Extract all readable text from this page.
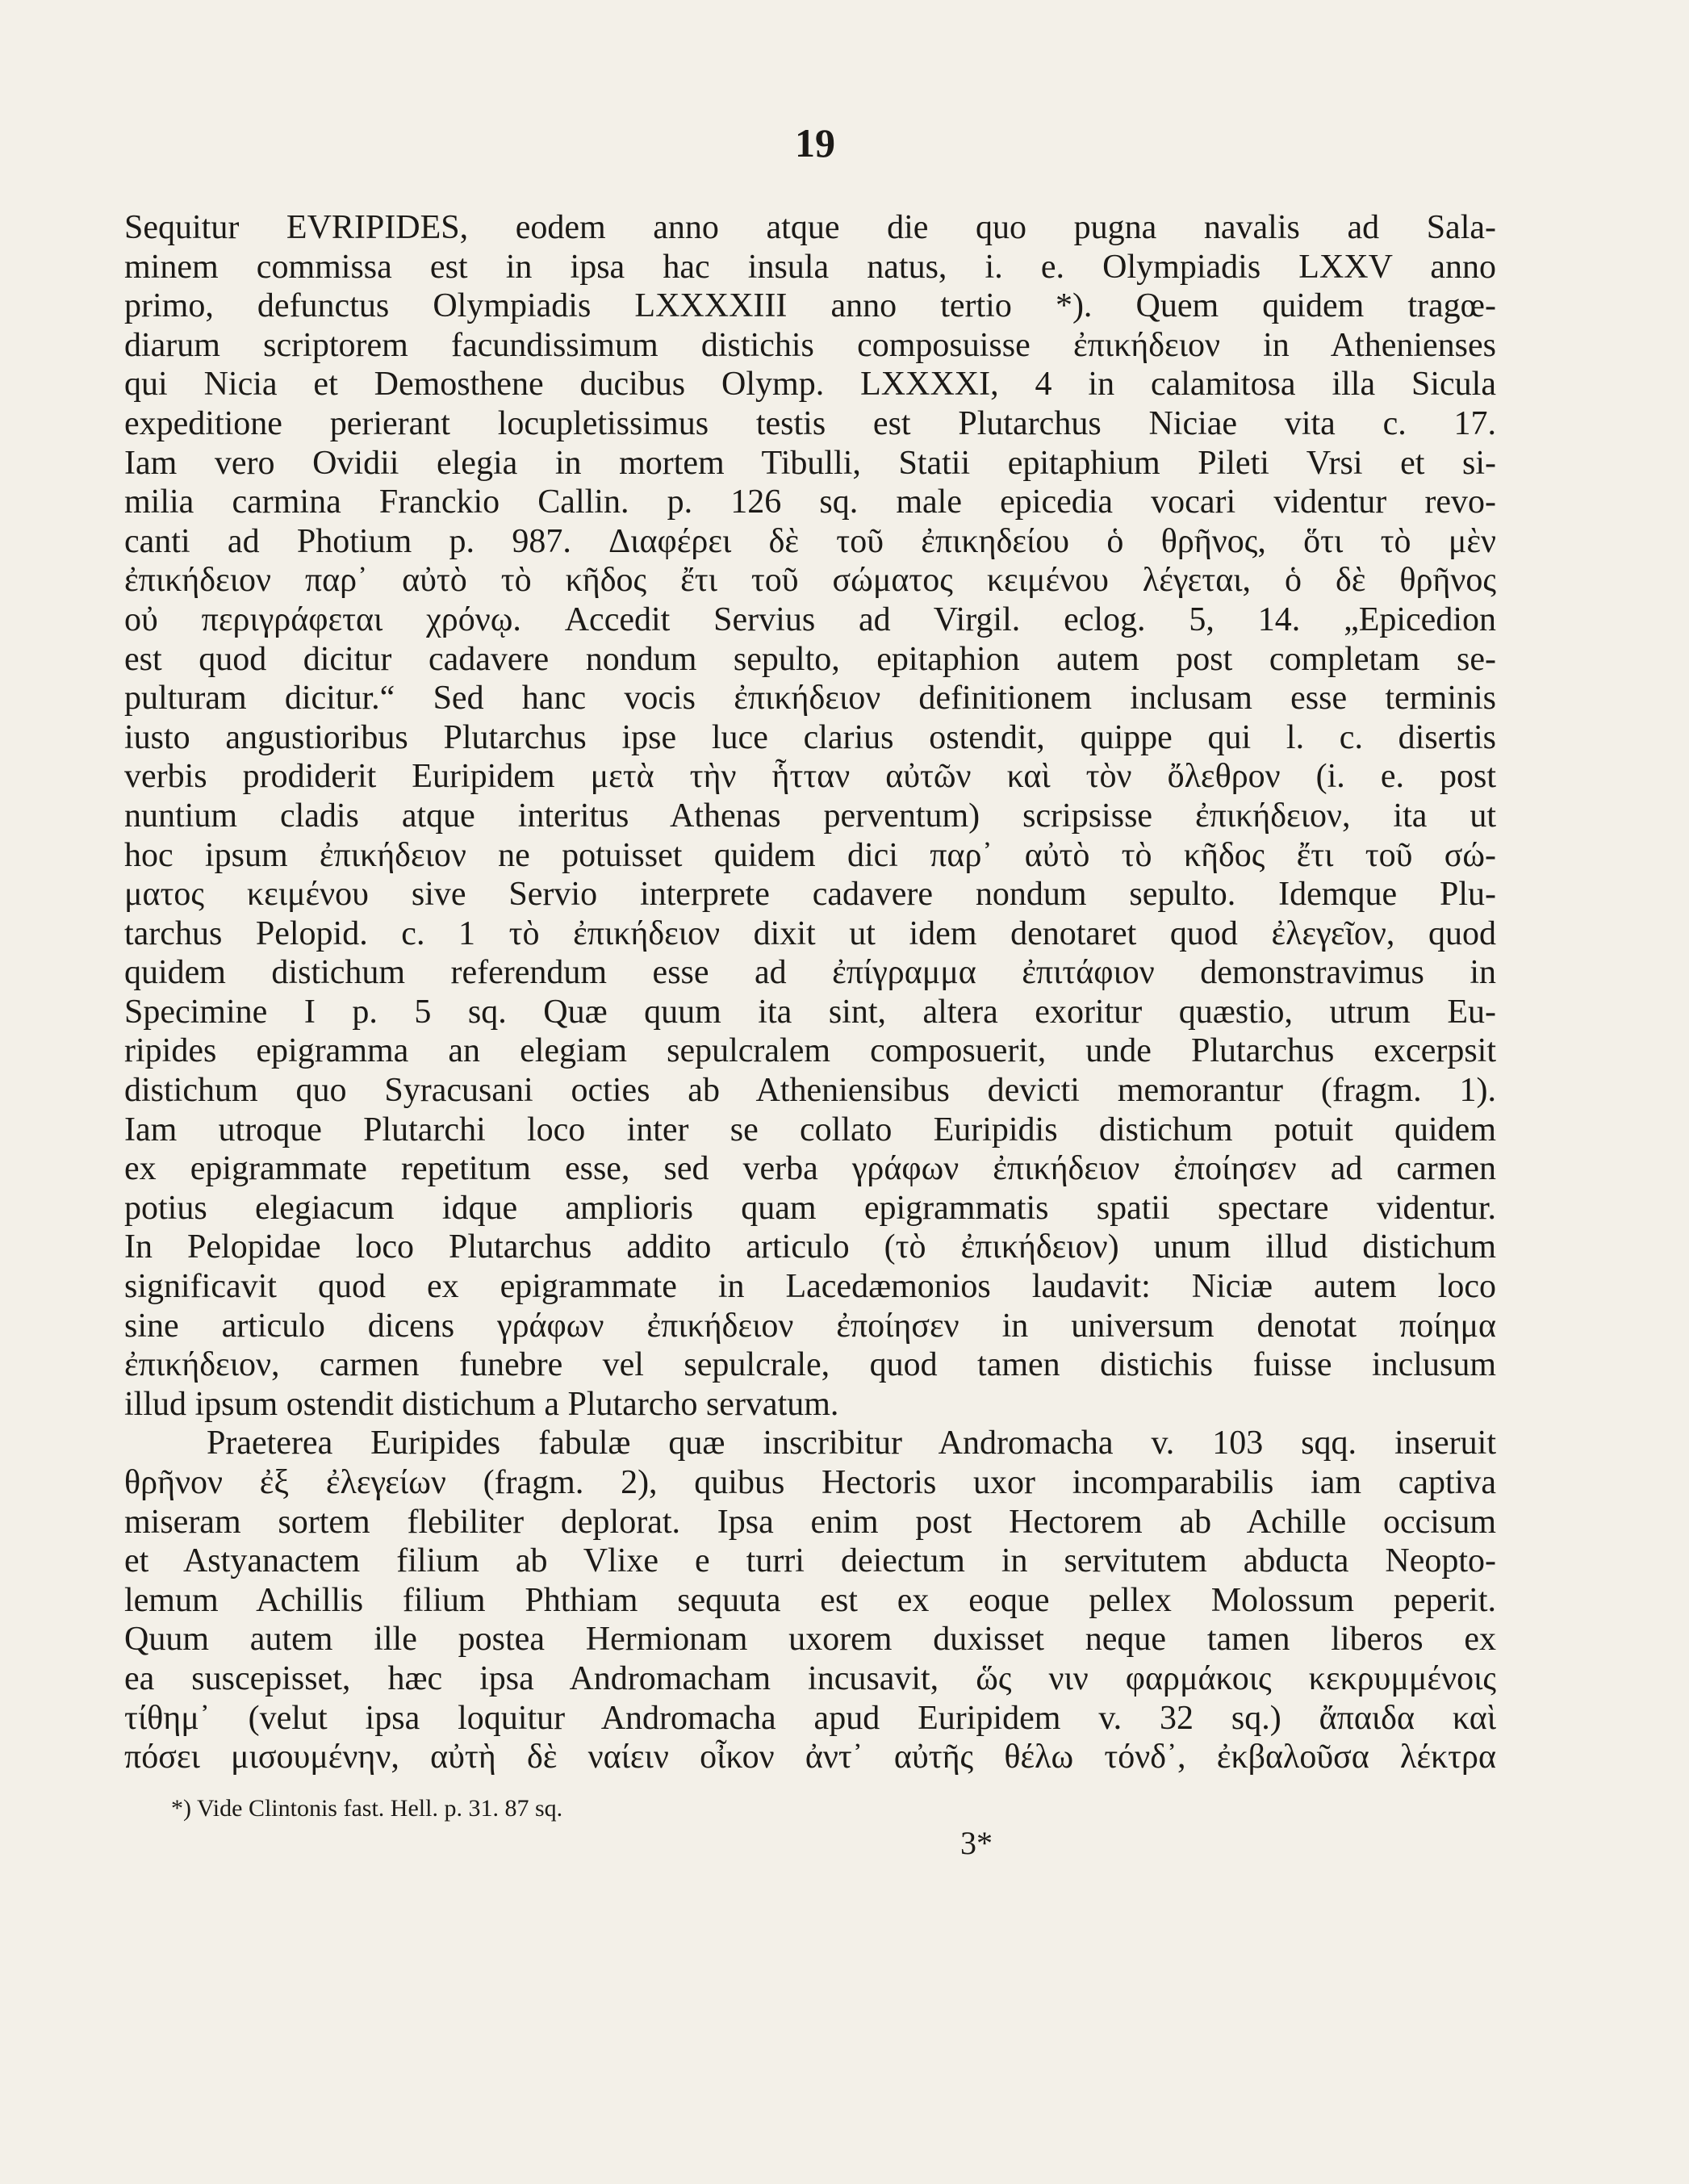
19
Sequitur EVRIPIDES, eodem anno atque die quo pugna navalis ad Sala-
minem commissa est in ipsa hac insula natus, i. e. Olympiadis LXXV anno
primo, defunctus Olympiadis LXXXXIII anno tertio *). Quem quidem tragœ-
diarum scriptorem facundissimum distichis composuisse ἐπικήδειον in Athenienses
qui Nicia et Demosthene ducibus Olymp. LXXXXI, 4 in calamitosa illa Sicula
expeditione perierant locupletissimus testis est Plutarchus Niciae vita c. 17.
Iam vero Ovidii elegia in mortem Tibulli, Statii epitaphium Pileti Vrsi et si-
milia carmina Franckio Callin. p. 126 sq. male epicedia vocari videntur revo-
canti ad Photium p. 987. Διαφέρει δὲ τοῦ ἐπικηδείου ὁ θρῆνος, ὅτι τὸ μὲν
ἐπικήδειον παρ᾽ αὐτὸ τὸ κῆδος ἔτι τοῦ σώματος κειμένου λέγεται, ὁ δὲ θρῆνος
οὐ περιγράφεται χρόνῳ. Accedit Servius ad Virgil. eclog. 5, 14. „Epicedion
est quod dicitur cadavere nondum sepulto, epitaphion autem post completam se-
pulturam dicitur.“ Sed hanc vocis ἐπικήδειον definitionem inclusam esse terminis
iusto angustioribus Plutarchus ipse luce clarius ostendit, quippe qui l. c. disertis
verbis prodiderit Euripidem μετὰ τὴν ἧτταν αὐτῶν καὶ τὸν ὄλεθρον (i. e. post
nuntium cladis atque interitus Athenas perventum) scripsisse ἐπικήδειον, ita ut
hoc ipsum ἐπικήδειον ne potuisset quidem dici παρ᾽ αὐτὸ τὸ κῆδος ἔτι τοῦ σώ-
ματος κειμένου sive Servio interprete cadavere nondum sepulto. Idemque Plu-
tarchus Pelopid. c. 1 τὸ ἐπικήδειον dixit ut idem denotaret quod ἐλεγεῖον, quod
quidem distichum referendum esse ad ἐπίγραμμα ἐπιτάφιον demonstravimus in
Specimine I p. 5 sq. Quæ quum ita sint, altera exoritur quæstio, utrum Eu-
ripides epigramma an elegiam sepulcralem composuerit, unde Plutarchus excerpsit
distichum quo Syracusani octies ab Atheniensibus devicti memorantur (fragm. 1).
Iam utroque Plutarchi loco inter se collato Euripidis distichum potuit quidem
ex epigrammate repetitum esse, sed verba γράφων ἐπικήδειον ἐποίησεν ad carmen
potius elegiacum idque amplioris quam epigrammatis spatii spectare videntur.
In Pelopidae loco Plutarchus addito articulo (τὸ ἐπικήδειον) unum illud distichum
significavit quod ex epigrammate in Lacedæmonios laudavit: Niciæ autem loco
sine articulo dicens γράφων ἐπικήδειον ἐποίησεν in universum denotat ποίημα
ἐπικήδειον, carmen funebre vel sepulcrale, quod tamen distichis fuisse inclusum
illud ipsum ostendit distichum a Plutarcho servatum.
Praeterea Euripides fabulæ quæ inscribitur Andromacha v. 103 sqq. inseruit
θρῆνον ἐξ ἐλεγείων (fragm. 2), quibus Hectoris uxor incomparabilis iam captiva
miseram sortem flebiliter deplorat. Ipsa enim post Hectorem ab Achille occisum
et Astyanactem filium ab Vlixe e turri deiectum in servitutem abducta Neopto-
lemum Achillis filium Phthiam sequuta est ex eoque pellex Molossum peperit.
Quum autem ille postea Hermionam uxorem duxisset neque tamen liberos ex
ea suscepisset, hæc ipsa Andromacham incusavit, ὥς νιν φαρμάκοις κεκρυμμένοις
τίθημ᾽ (velut ipsa loquitur Andromacha apud Euripidem v. 32 sq.) ἄπαιδα καὶ
πόσει μισουμένην, αὐτὴ δὲ ναίειν οἶκον ἀντ᾽ αὐτῆς θέλω τόνδ᾽, ἐκβαλοῦσα λέκτρα
*) Vide Clintonis fast. Hell. p. 31. 87 sq.
3*
